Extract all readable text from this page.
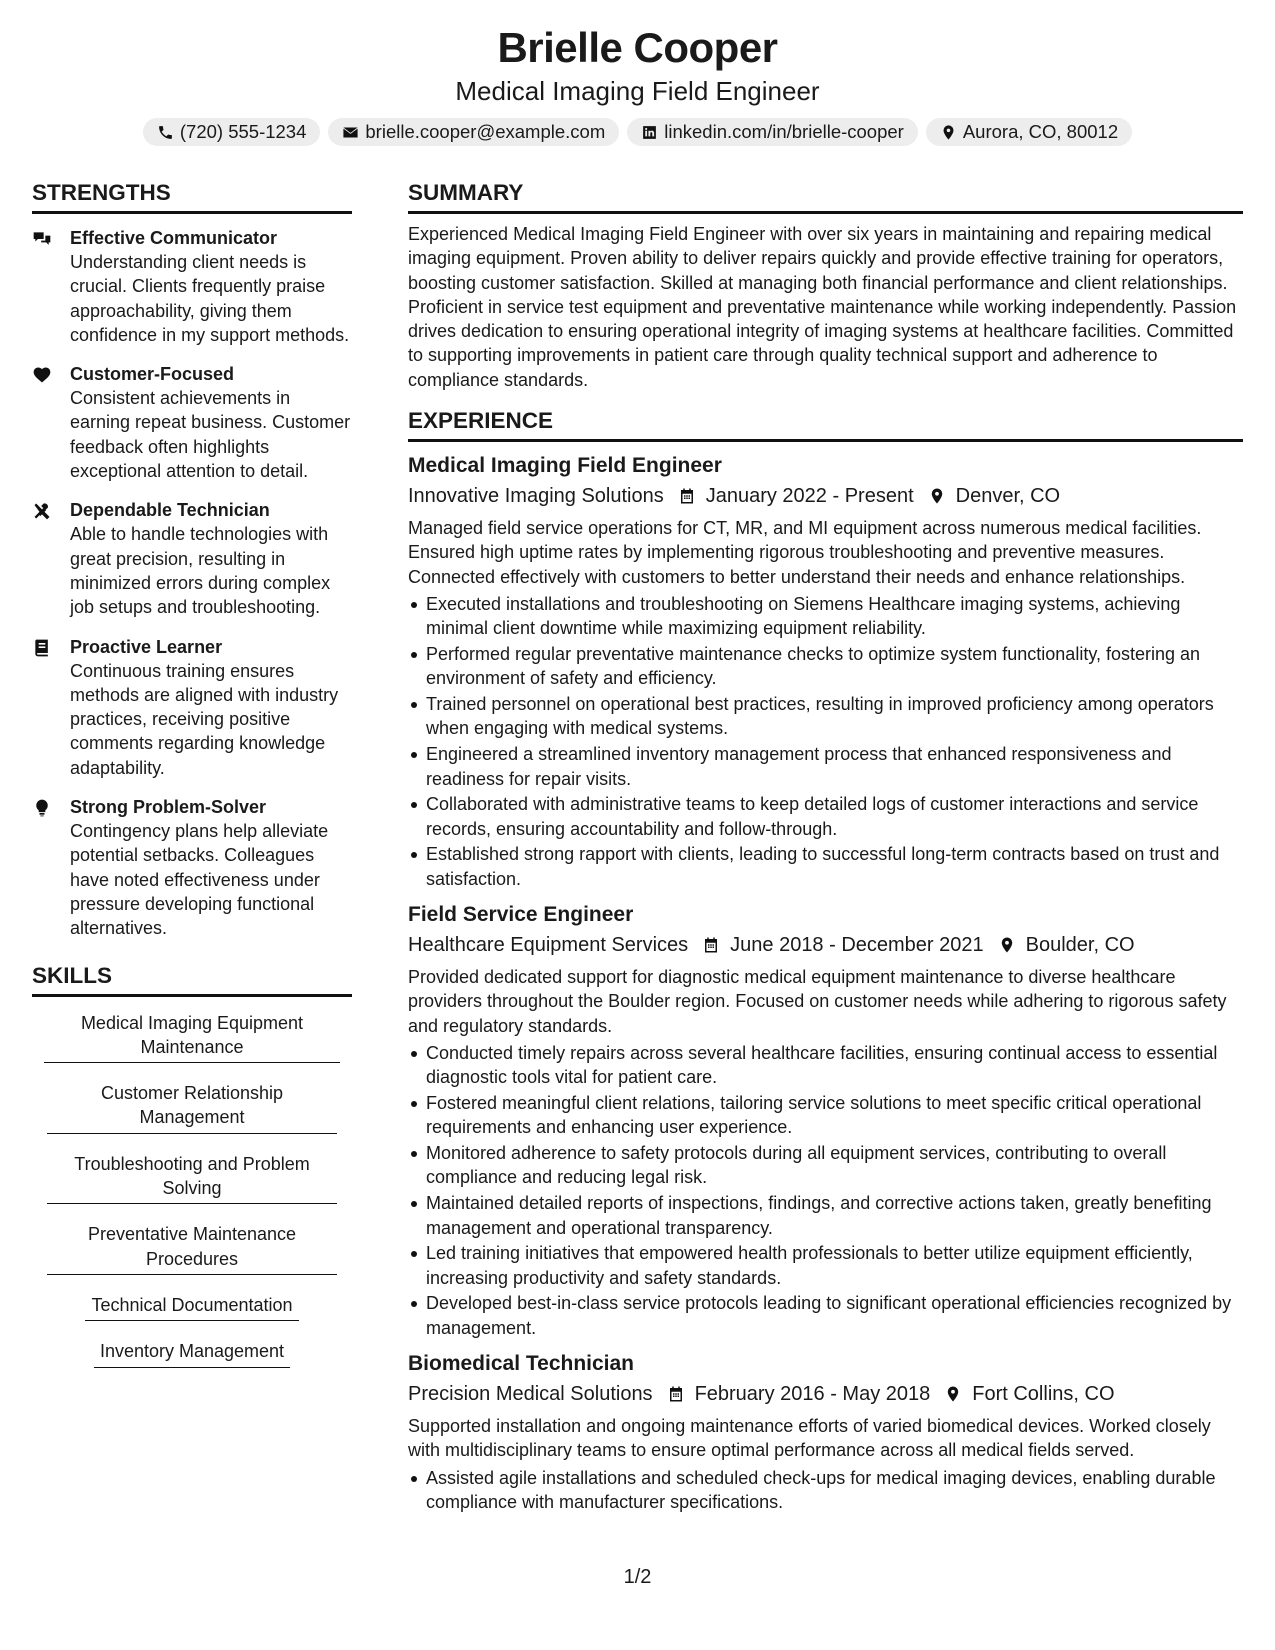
Brielle Cooper
Medical Imaging Field Engineer
(720) 555-1234	brielle.cooper@example.com	linkedin.com/in/brielle-cooper	Aurora, CO, 80012
STRENGTHS
Effective Communicator
Understanding client needs is crucial. Clients frequently praise approachability, giving them confidence in my support methods.
Customer-Focused
Consistent achievements in earning repeat business. Customer feedback often highlights exceptional attention to detail.
Dependable Technician
Able to handle technologies with great precision, resulting in minimized errors during complex job setups and troubleshooting.
Proactive Learner
Continuous training ensures methods are aligned with industry practices, receiving positive comments regarding knowledge adaptability.
Strong Problem-Solver
Contingency plans help alleviate potential setbacks. Colleagues have noted effectiveness under pressure developing functional alternatives.
SKILLS
Medical Imaging Equipment Maintenance
Customer Relationship Management
Troubleshooting and Problem Solving
Preventative Maintenance Procedures
Technical Documentation
Inventory Management
SUMMARY
Experienced Medical Imaging Field Engineer with over six years in maintaining and repairing medical imaging equipment. Proven ability to deliver repairs quickly and provide effective training for operators, boosting customer satisfaction. Skilled at managing both financial performance and client relationships. Proficient in service test equipment and preventative maintenance while working independently. Passion drives dedication to ensuring operational integrity of imaging systems at healthcare facilities. Committed to supporting improvements in patient care through quality technical support and adherence to compliance standards.
EXPERIENCE
Medical Imaging Field Engineer
Innovative Imaging Solutions January 2022 - Present Denver, CO
Managed field service operations for CT, MR, and MI equipment across numerous medical facilities. Ensured high uptime rates by implementing rigorous troubleshooting and preventive measures. Connected effectively with customers to better understand their needs and enhance relationships.
Executed installations and troubleshooting on Siemens Healthcare imaging systems, achieving minimal client downtime while maximizing equipment reliability.
Performed regular preventative maintenance checks to optimize system functionality, fostering an environment of safety and efficiency.
Trained personnel on operational best practices, resulting in improved proficiency among operators when engaging with medical systems.
Engineered a streamlined inventory management process that enhanced responsiveness and readiness for repair visits.
Collaborated with administrative teams to keep detailed logs of customer interactions and service records, ensuring accountability and follow-through.
Established strong rapport with clients, leading to successful long-term contracts based on trust and satisfaction.
Field Service Engineer
Healthcare Equipment Services June 2018 - December 2021 Boulder, CO
Provided dedicated support for diagnostic medical equipment maintenance to diverse healthcare providers throughout the Boulder region. Focused on customer needs while adhering to rigorous safety and regulatory standards.
Conducted timely repairs across several healthcare facilities, ensuring continual access to essential diagnostic tools vital for patient care.
Fostered meaningful client relations, tailoring service solutions to meet specific critical operational requirements and enhancing user experience.
Monitored adherence to safety protocols during all equipment services, contributing to overall compliance and reducing legal risk.
Maintained detailed reports of inspections, findings, and corrective actions taken, greatly benefiting management and operational transparency.
Led training initiatives that empowered health professionals to better utilize equipment efficiently, increasing productivity and safety standards.
Developed best-in-class service protocols leading to significant operational efficiencies recognized by management.
Biomedical Technician
Precision Medical Solutions February 2016 - May 2018 Fort Collins, CO
Supported installation and ongoing maintenance efforts of varied biomedical devices. Worked closely with multidisciplinary teams to ensure optimal performance across all medical fields served.
Assisted agile installations and scheduled check-ups for medical imaging devices, enabling durable compliance with manufacturer specifications.
1/2
